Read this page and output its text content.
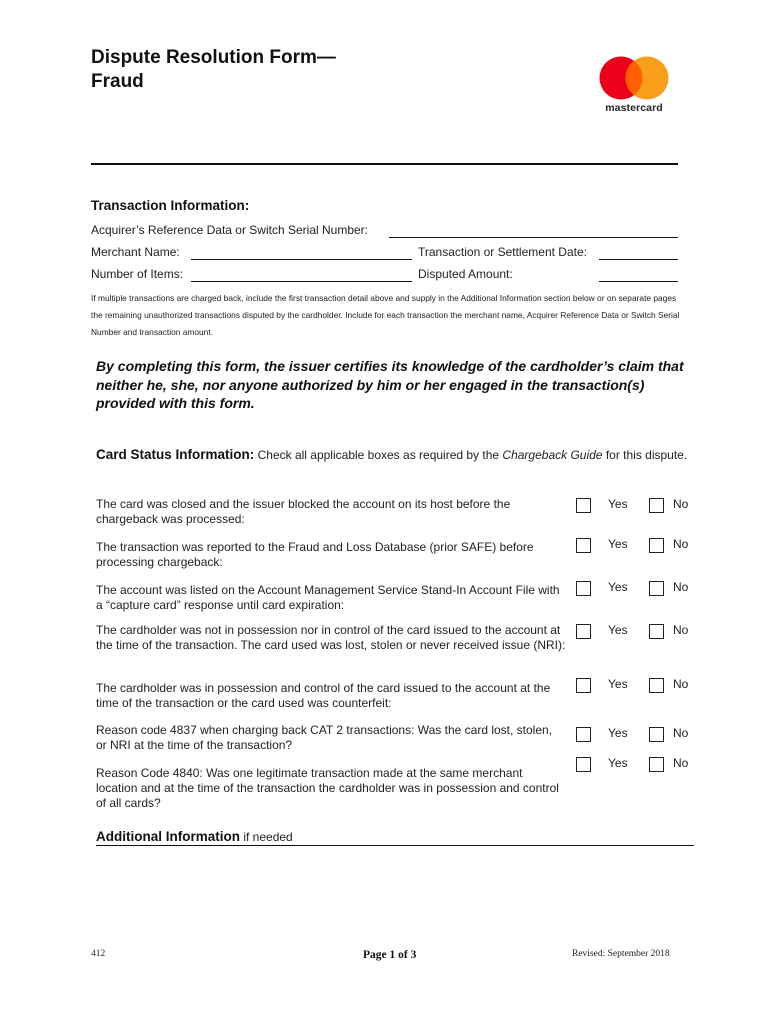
Dispute Resolution Form—
Fraud
mastercard
Transaction Information:
Acquirer’s Reference Data or Switch Serial Number:
Merchant Name:	Transaction or Settlement Date:
Number of Items:	Disputed Amount:
If multiple transactions are charged back, include the first transaction detail above and supply in the Additional Information section below or on separate pages the remaining unauthorized transactions disputed by the cardholder. Include for each transaction the merchant name, Acquirer Reference Data or Switch Serial Number and transaction amount.
By completing this form, the issuer certifies its knowledge of the cardholder’s claim that neither he, she, nor anyone authorized by him or her engaged in the transaction(s) provided with this form.
Card Status Information: Check all applicable boxes as required by the Chargeback Guide for this dispute.
The card was closed and the issuer blocked the account on its host before the chargeback was processed:
Yes	No
The transaction was reported to the Fraud and Loss Database (prior SAFE) before processing chargeback:
Yes	No
The account was listed on the Account Management Service Stand-In Account File with a “capture card” response until card expiration:
Yes	No
The cardholder was not in possession nor in control of the card issued to the account at the time of the transaction. The card used was lost, stolen or never received issue (NRI):
Yes	No
The cardholder was in possession and control of the card issued to the account at the time of the transaction or the card used was counterfeit:
Yes	No
Reason code 4837 when charging back CAT 2 transactions: Was the card lost, stolen, or NRI at the time of the transaction?
Yes	No
Reason Code 4840: Was one legitimate transaction made at the same merchant location and at the time of the transaction the cardholder was in possession and control of all cards?
Yes	No
Additional Information if needed
412	Page 1 of 3	Revised: September 2018
